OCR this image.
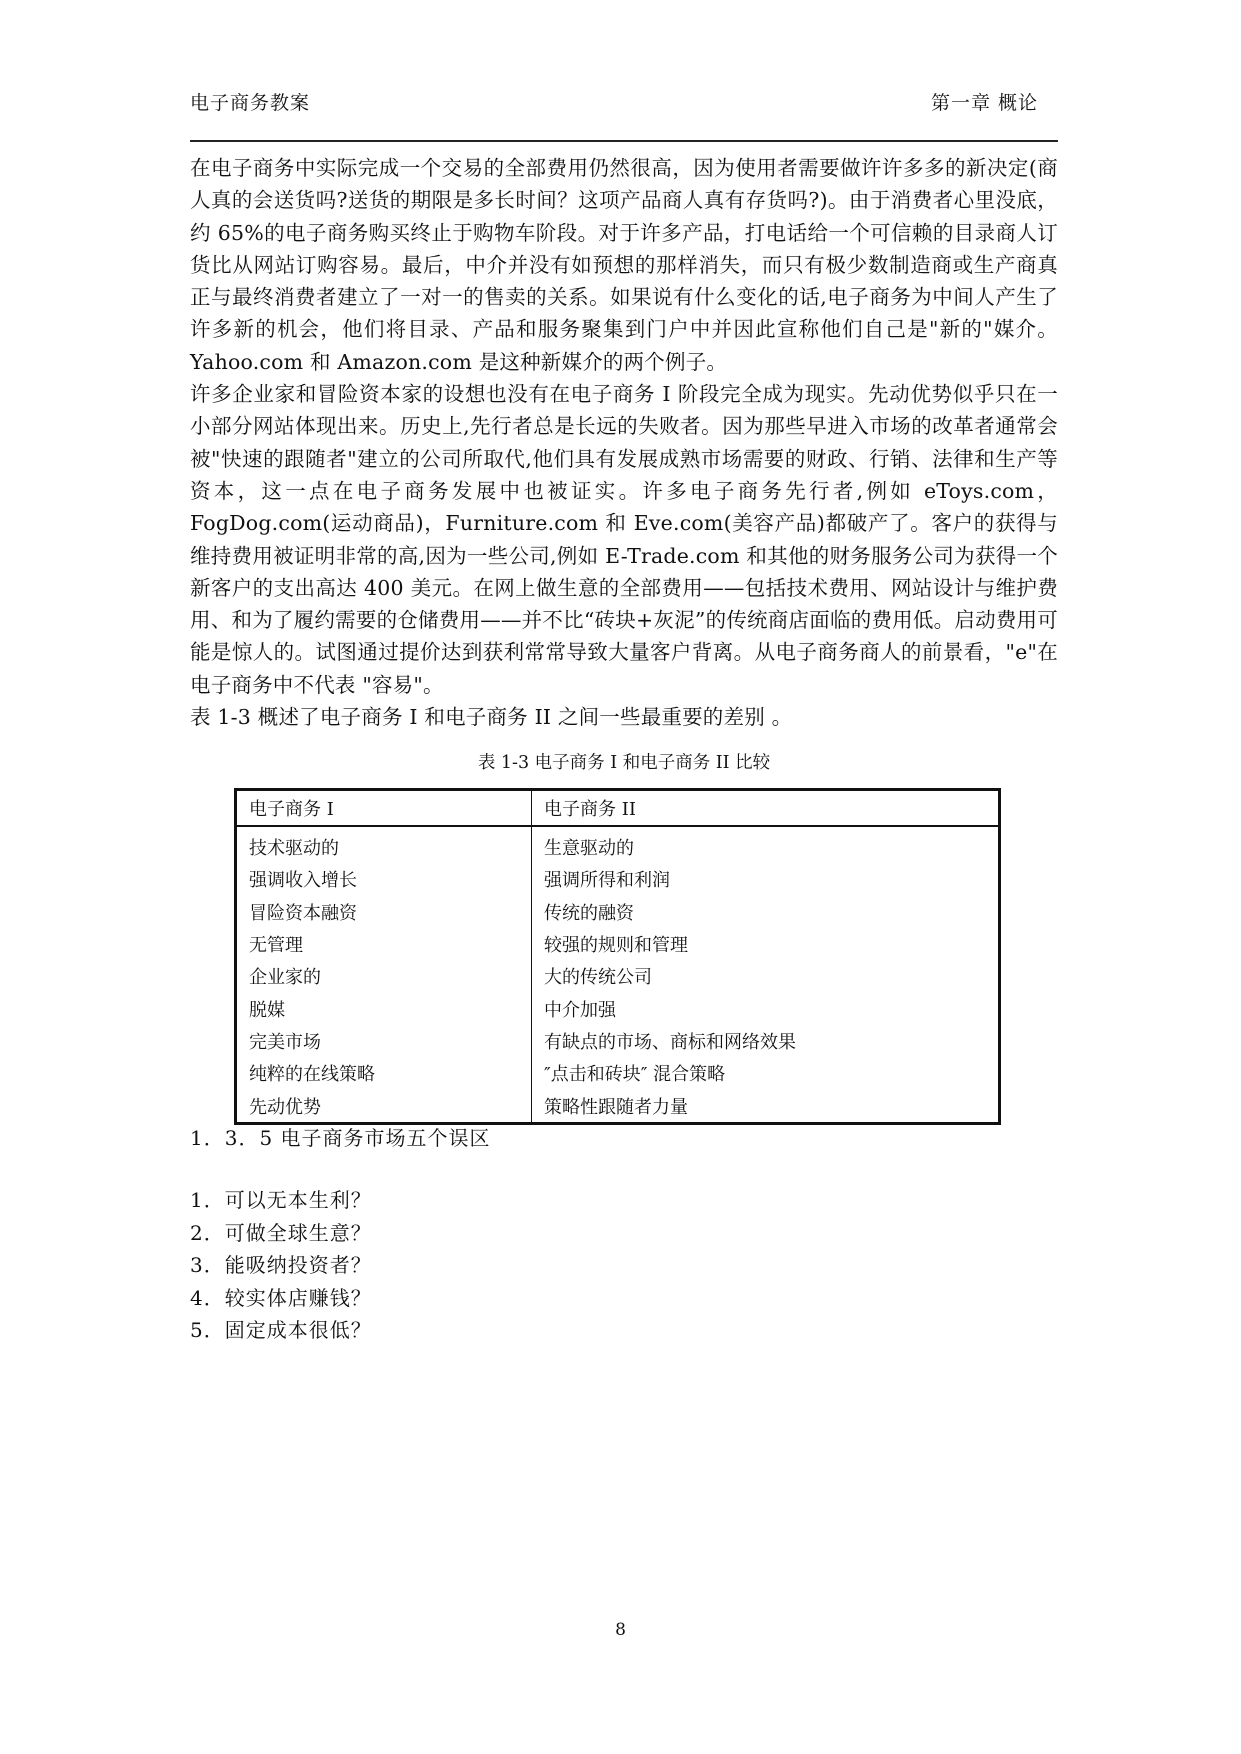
电子商务教案	第一章 概论

在电子商务中实际完成一个交易的全部费用仍然很高，因为使用者需要做许许多多的新决定(商人真的会送货吗?送货的期限是多长时间？这项产品商人真有存货吗?)。由于消费者心里没底，约 65%的电子商务购买终止于购物车阶段。对于许多产品，打电话给一个可信赖的目录商人订货比从网站订购容易。最后，中介并没有如预想的那样消失，而只有极少数制造商或生产商真正与最终消费者建立了一对一的售卖的关系。如果说有什么变化的话,电子商务为中间人产生了许多新的机会，他们将目录、产品和服务聚集到门户中并因此宣称他们自己是"新的"媒介。Yahoo.com 和 Amazon.com 是这种新媒介的两个例子。

许多企业家和冒险资本家的设想也没有在电子商务 I 阶段完全成为现实。先动优势似乎只在一小部分网站体现出来。历史上,先行者总是长远的失败者。因为那些早进入市场的改革者通常会被"快速的跟随者"建立的公司所取代,他们具有发展成熟市场需要的财政、行销、法律和生产等资本，这一点在电子商务发展中也被证实。许多电子商务先行者,例如 eToys.com，FogDog.com(运动商品)，Furniture.com 和 Eve.com(美容产品)都破产了。客户的获得与维持费用被证明非常的高,因为一些公司,例如 E-Trade.com 和其他的财务服务公司为获得一个新客户的支出高达 400 美元。在网上做生意的全部费用——包括技术费用、网站设计与维护费用、和为了履约需要的仓储费用——并不比“砖块+灰泥”的传统商店面临的费用低。启动费用可能是惊人的。试图通过提价达到获利常常导致大量客户背离。从电子商务商人的前景看，"e"在电子商务中不代表 "容易"。

表 1-3 概述了电子商务 I 和电子商务 II 之间一些最重要的差别 。

表 1-3 电子商务 I 和电子商务 II 比较
电子商务 I	电子商务 II
技术驱动的	生意驱动的
强调收入增长	强调所得和利润
冒险资本融资	传统的融资
无管理	较强的规则和管理
企业家的	大的传统公司
脱媒	中介加强
完美市场	有缺点的市场、商标和网络效果
纯粹的在线策略	″点击和砖块″ 混合策略
先动优势	策略性跟随者力量
1．3．5 电子商务市场五个误区
1．可以无本生利？
2．可做全球生意？
3．能吸纳投资者？
4．较实体店赚钱？
5．固定成本很低？
8
